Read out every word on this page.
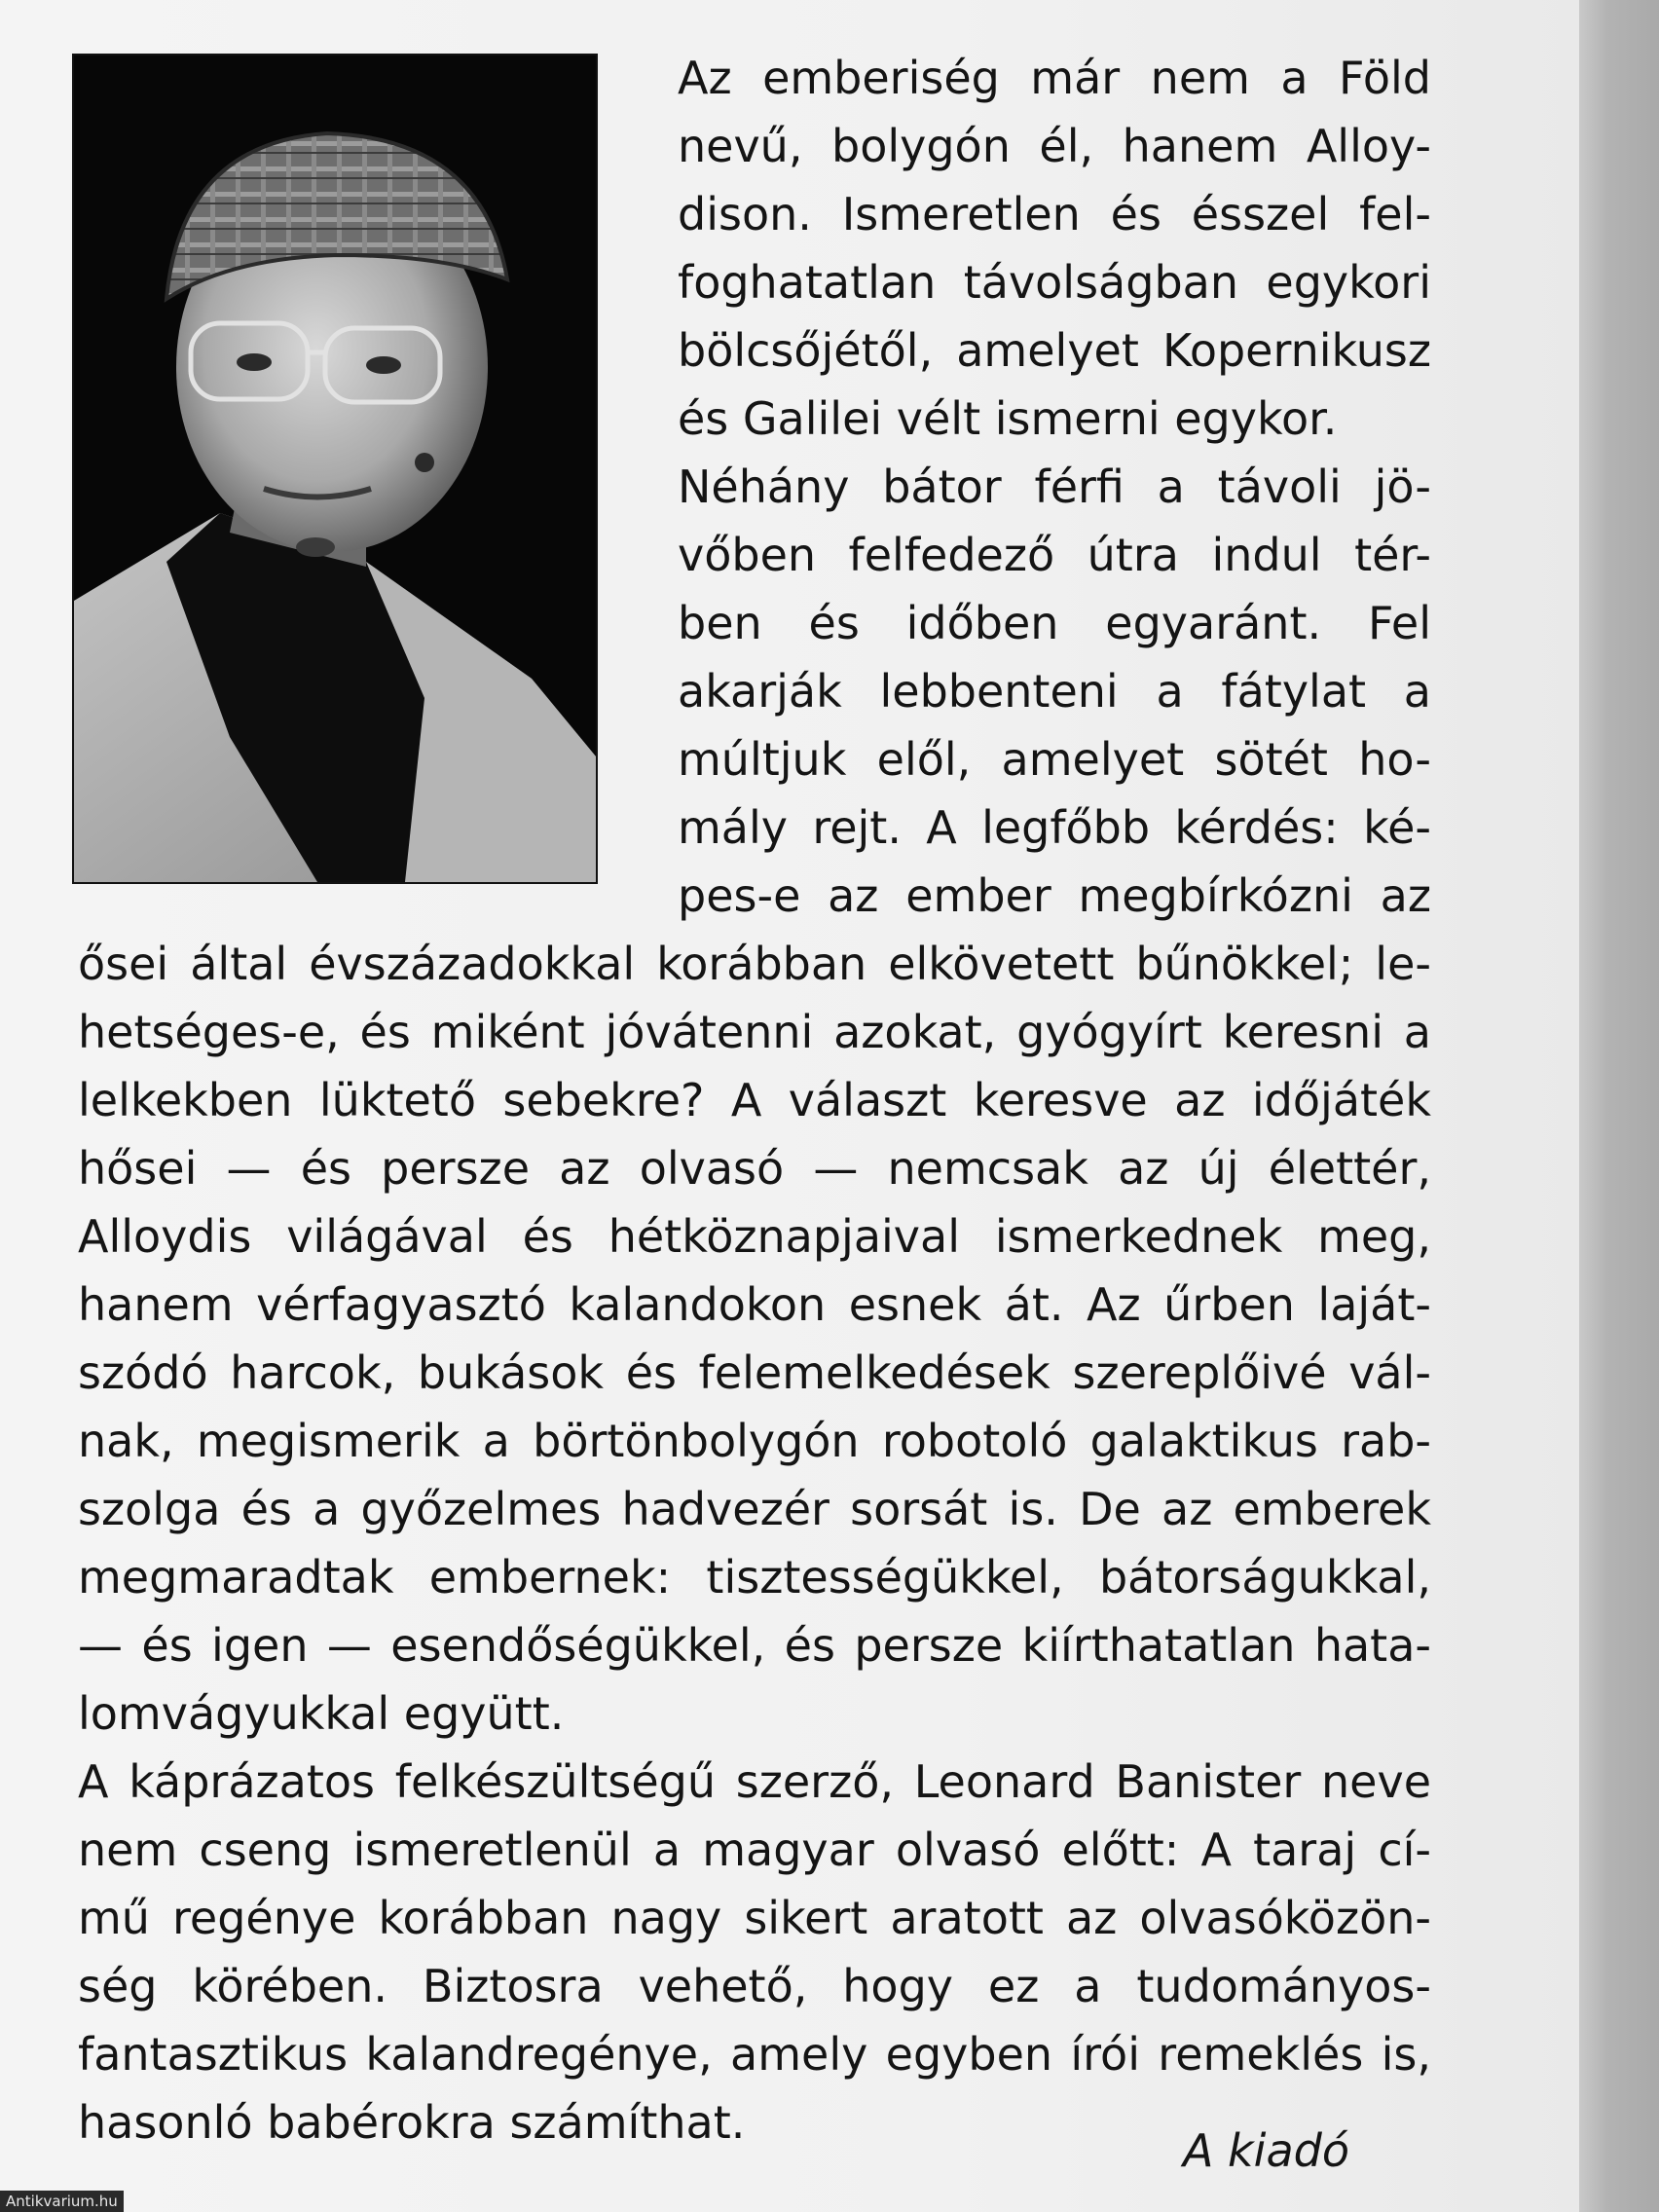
Az emberiség már nem a Föld
nevű, bolygón él, hanem Alloy-
dison. Ismeretlen és ésszel fel-
foghatatlan távolságban egykori
bölcsőjétől, amelyet Kopernikusz
és Galilei vélt ismerni egykor.
Néhány bátor férfi a távoli jö-
vőben felfedező útra indul tér-
ben és időben egyaránt. Fel
akarják lebbenteni a fátylat a
múltjuk elől, amelyet sötét ho-
mály rejt. A legfőbb kérdés: ké-
pes-e az ember megbírkózni az
ősei által évszázadokkal korábban elkövetett bűnökkel; le-
hetséges-e, és miként jóvátenni azokat, gyógyírt keresni a
lelkekben lüktető sebekre? A választ keresve az időjáték
hősei — és persze az olvasó — nemcsak az új élettér,
Alloydis világával és hétköznapjaival ismerkednek meg,
hanem vérfagyasztó kalandokon esnek át. Az űrben laját-
szódó harcok, bukások és felemelkedések szereplőivé vál-
nak, megismerik a börtönbolygón robotoló galaktikus rab-
szolga és a győzelmes hadvezér sorsát is. De az emberek
megmaradtak embernek: tisztességükkel, bátorságukkal,
— és igen — esendőségükkel, és persze kiírthatatlan hata-
lomvágyukkal együtt.
A káprázatos felkészültségű szerző, Leonard Banister neve
nem cseng ismeretlenül a magyar olvasó előtt: A taraj cí-
mű regénye korábban nagy sikert aratott az olvasóközön-
ség körében. Biztosra vehető, hogy ez a tudományos-
fantasztikus kalandregénye, amely egyben írói remeklés is,
hasonló babérokra számíthat.
A kiadó
Antikvarium.hu
